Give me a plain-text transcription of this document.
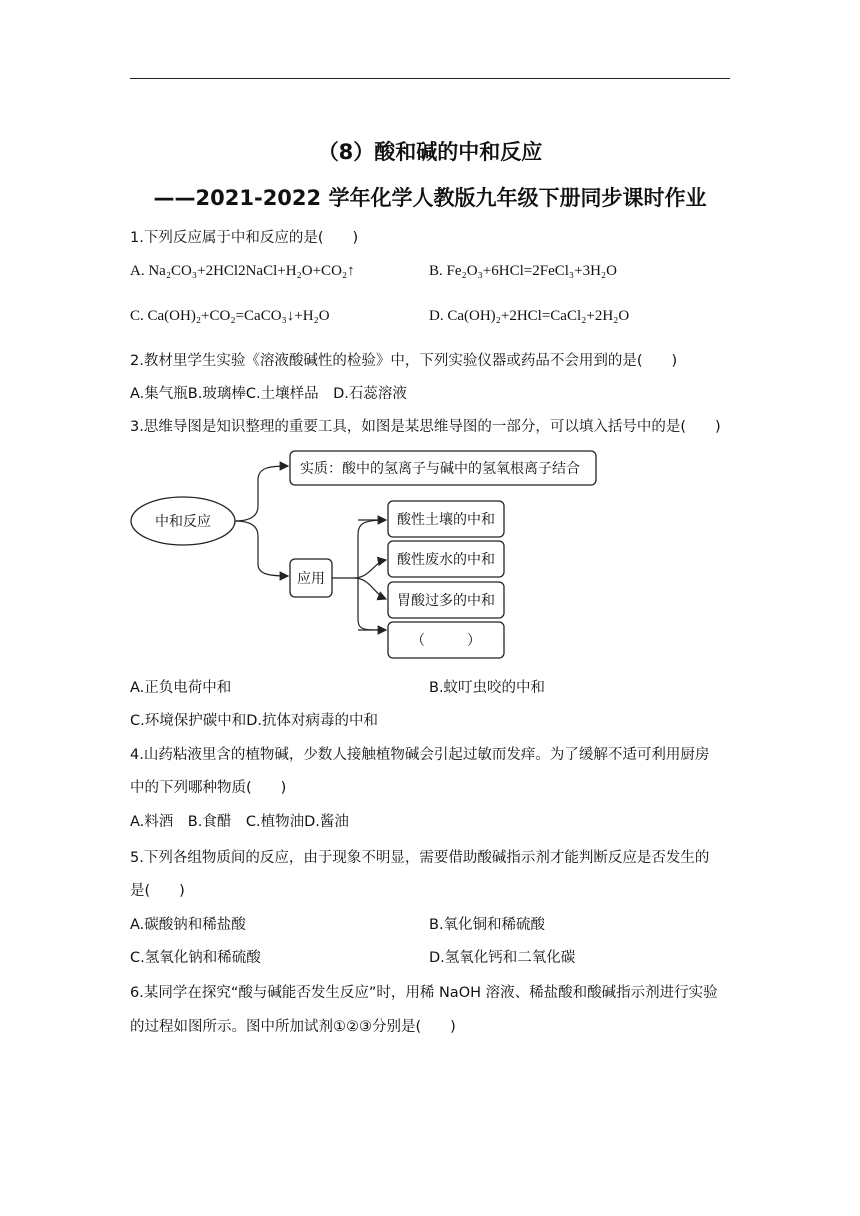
（8）酸和碱的中和反应
——2021-2022 学年化学人教版九年级下册同步课时作业
1.下列反应属于中和反应的是(　　)
A. Na₂CO₃+2HCl2NaCl+H₂O+CO₂↑	B. Fe₂O₃+6HCl=2FeCl₃+3H₂O
C. Ca(OH)₂+CO₂=CaCO₃↓+H₂O	D. Ca(OH)₂+2HCl=CaCl₂+2H₂O
2.教材里学生实验《溶液酸碱性的检验》中，下列实验仪器或药品不会用到的是(　　)
A.集气瓶B.玻璃棒C.土壤样品　D.石蕊溶液
3.思维导图是知识整理的重要工具，如图是某思维导图的一部分，可以填入括号中的是(　　)
中和反应
实质：酸中的氢离子与碱中的氢氧根离子结合
应用
酸性土壤的中和
酸性废水的中和
胃酸过多的中和
（　　　）
A.正负电荷中和	B.蚊叮虫咬的中和
C.环境保护碳中和D.抗体对病毒的中和
4.山药粘液里含的植物碱，少数人接触植物碱会引起过敏而发痒。为了缓解不适可利用厨房
中的下列哪种物质(　　)
A.料酒　B.食醋　C.植物油D.酱油
5.下列各组物质间的反应，由于现象不明显，需要借助酸碱指示剂才能判断反应是否发生的
是(　　)
A.碳酸钠和稀盐酸	B.氧化铜和稀硫酸
C.氢氧化钠和稀硫酸	D.氢氧化钙和二氧化碳
6.某同学在探究“酸与碱能否发生反应”时，用稀 NaOH 溶液、稀盐酸和酸碱指示剂进行实验
的过程如图所示。图中所加试剂①②③分别是(　　)
